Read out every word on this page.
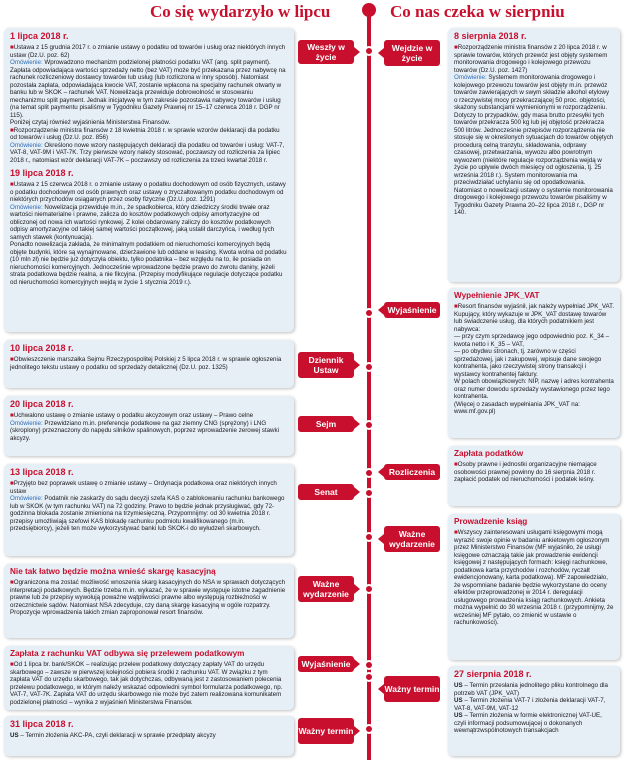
Co się wydarzyło w lipcu	Co nas czeka w sierpniu
1 lipca 2018 r.

■ Ustawa z 15 grudnia 2017 r. o zmianie ustawy o podatku od towarów i usług oraz niektórych innych ustaw (Dz.U. poz. 62)

Omówienie: Wprowadzono mechanizm podzielonej płatności podatku VAT (ang. split payment). Zapłata odpowiadająca wartości sprzedaży netto (bez VAT) może być przekazana przez nabywcę na rachunek rozliczeniowy dostawcy towarów lub usług (lub rozliczona w inny sposób). Natomiast pozostała zapłata, odpowiadająca kwocie VAT, zostanie wpłacona na specjalny rachunek otwarty w banku lub w SKOK – rachunek VAT. Nowelizacja przewiduje dobrowolność w stosowaniu mechanizmu split payment. Jednak inicjatywę w tym zakresie pozostawia nabywcy towarów i usług (na temat split paymentu pisaliśmy w Tygodniku Gazety Prawnej nr 15–17 czerwca 2018 r. DGP nr 115).

Poniżej czytaj również wyjaśnienia Ministerstwa Finansów.

■ Rozporządzenie ministra finansów z 18 kwietnia 2018 r. w sprawie wzorów deklaracji dla podatku od towarów i usług (Dz.U. poz. 856)

Omówienie: Określono nowe wzory następujących deklaracji dla podatku od towarów i usług: VAT-7, VAT-8, VAT-9M i VAT-7K. Trzy pierwsze wzory należy stosować, poczawszy od rozliczenia za lipiec 2018 r., natomiast wzór deklaracji VAT-7K – poczawszy od rozliczenia za trzeci kwartał 2018 r.

19 lipca 2018 r.

■ Ustawa z 15 czerwca 2018 r. o zmianie ustawy o podatku dochodowym od osób fizycznych, ustawy o podatku dochodowym od osób prawnych oraz ustawy o zryczałtowanym podatku dochodowym od niektórych przychodów osiąganych przez osoby fizyczne (Dz.U. poz. 1291)

Omówienie: Nowelizacja przewiduje m.in., że spadkobierca, który dziedziczy środki trwałe oraz wartości niematerialne i prawne, zalicza do kosztów podatkowych odpisy amortyzacyjne od obliczonej od nowa ich wartości rynkowej. Z kolei obdarowany zaliczy do kosztów podatkowych odpisy amortyzacyjne od takiej samej wartości początkowej, jaką ustalił darczyńca, i według tych samych stawek (kontynuacja).

Ponadto nowelizacja zakłada, że minimalnym podatkiem od nieruchomości komercyjnych będą objęte budynki, które są wynajmowane, dzierżawione lub oddane w leasing. Kwota wolna od podatku (10 mln zł) nie będzie już dotyczyła obiektu, tylko podatnika – bez względu na to, ile posiada on nieruchomości komercyjnych. Jednocześnie wprowadzone będzie prawo do zwrotu daniny, jeżeli strata podatkowa będzie realna, a nie fikcyjna. (Przepisy modyfikujące regulacje dotyczące podatku od nieruchomości komercyjnych wejdą w życie 1 stycznia 2019 r.).

Weszły w życie
10 lipca 2018 r.

■ Obwieszczenie marszałka Sejmu Rzeczypospolitej Polskiej z 5 lipca 2018 r. w sprawie ogłoszenia jednolitego tekstu ustawy o podatku od sprzedaży detalicznej (Dz.U. poz. 1325)

Dziennik Ustaw
20 lipca 2018 r.

■ Uchwalono ustawę o zmianie ustawy o podatku akcyzowym oraz ustawy – Prawo celne

Omówienie: Przewidziano m.in. preferencje podatkowe na gaz ziemny CNG (sprężony) i LNG (skroplony) przeznaczony do napędu silników spalinowych, poprzez wprowadzenie zerowej stawki akcyzy.

Sejm
13 lipca 2018 r.

■ Przyjęto bez poprawek ustawę o zmianie ustawy – Ordynacja podatkowa oraz niektórych innych ustaw

Omówienie: Podatnik nie zaskarży do sądu decyzji szefa KAS o zablokowaniu rachunku bankowego lub w SKOK (w tym rachunku VAT) na 72 godziny. Prawo to będzie jednak przysługiwać, gdy 72-godzinna blokada zostanie zmieniona na trzymiesięczną. Przypomnijmy: od 30 kwietnia 2018 r. przepisy umożliwiają szefowi KAS blokadę rachunku podmiotu kwalifikowanego (m.in. przedsiębiorcy), jeżeli ten może wykorzystywać banki lub SKOK-i do wyłudzeń skarbowych.

Senat
Nie tak łatwo będzie można wnieść skargę kasacyjną

■ Ograniczona ma zostać możliwość wnoszenia skarg kasacyjnych do NSA w sprawach dotyczących interpretacji podatkowych. Będzie trzeba m.in. wykazać, że w sprawie występuje istotne zagadnienie prawne lub że przepisy wywołują poważne wątpliwości prawne albo występują rozbieżności w orzecznictwie sądów. Natomiast NSA zdecyduje, czy daną skargę kasacyjną w ogóle rozpatrzy. Propozycje wprowadzenia takich zmian zaproponował resort finansów.

Ważne wydarzenie
Zapłata z rachunku VAT odbywa się przelewem podatkowym

■ Od 1 lipca br. bank/SKOK – realizując przelew podatkowy dotyczący zapłaty VAT do urzędu skarbowego – zawsze w pierwszej kolejności pobiera środki z rachunku VAT. W związku z tym zapłata VAT do urzędu skarbowego, tak jak dotychczas, odbywaną jest z zastosowaniem polecenia przelewu podatkowego, w którym należy wskazać odpowiedni symbol formularza podatkowego, np. VAT-7, VAT-7K. Zapłata VAT do urzędu skarbowego nie może być zatem realizowana komunikatem podzielonej płatności – wynika z wyjaśnień Ministerstwa Finansów.

Wyjaśnienie
31 lipca 2018 r.

US – Termin złożenia AKC-PA, czyli deklaracji w sprawie przedpłaty akcyzy	Ważny termin
Wejdzie w życie
8 sierpnia 2018 r.

■ Rozporządzenie ministra finansów z 20 lipca 2018 r. w sprawie towarów, których przewóz jest objęty systemem monitorowania drogowego i kolejowego przewozu towarów (Dz.U. poz. 1427)

Omówienie: Systemem monitorowania drogowego i kolejowego przewozu towarów jest objęty m.in. przewóz towarów zawierających w swym składzie alkohol etylowy o rzeczywistej mocy przekraczającej 50 proc. objętości, skażony substancjami wymienionymi w rozporządzeniu. Dotyczy to przypadków, gdy masa brutto przesyłki tych towarów przekracza 500 kg lub jej objętość przekracza 500 litrów. Jednocześnie przepisów rozporządzenia nie stosuje się w określonych sytuacjach do towarów objętych procedurą celną tranzytu, składowania, odprawy czasowej, przetwarzania, wywozu albo powrotnym wywozem (niektóre regulacje rozporządzenia wejdą w życie po upływie dwóch miesięcy od ogłoszenia, tj. 25 września 2018 r.). System monitorowania ma przeciwdziałać uchylaniu się od opodatkowania.

Natomiast o nowelizacji ustawy o systemie monitorowania drogowego i kolejowego przewozu towarów pisaliśmy w Tygodniku Gazety Prawna 20–22 lipca 2018 r., DGP nr 140.

Wyjaśnienie
Wypełnienie JPK_VAT

■ Resort finansów wyjaśnił, jak należy wypełniać JPK_VAT. Kupujący, który wykazuje w JPK_VAT dostawę towarów lub świadczenie usług, dla których podatnikiem jest nabywca:

— przy czym sprzedawcę jego odpowiednio poz. K_34 – kwota netto i K_35 – VAT,

— po obydwu stronach, tj. zarówno w części sprzedażowej, jak i zakupowej, wpisuje dane swojego kontrahenta, jako rzeczywistej strony transakcji i wystawcy kontrahentej faktury.

W polach obowiązkowych: NIP, nazwę i adres kontrahenta oraz numer dowodu sprzedaży wystawionego przez tego kontrahenta.

(Więcej o zasadach wypełniania JPK_VAT na: www.mf.gov.pl)

Rozliczenia
Zapłata podatków

■ Osoby prawne i jednostki organizacyjne niemające osobowości prawnej powinny do 16 sierpnia 2018 r. zapłacić podatek od nieruchomości i podatek leśny.

Ważne wydarzenie
Prowadzenie ksiąg

■ Wszyscy zainteresowani usługami księgowymi mogą wyrazić swoje opinie w badaniu ankietowym ogłoszonym przez Ministerstwo Finansów (MF wyjaśniło, że usługi księgowe oznaczają takie jak prowadzenie ewidencji księgowej z następujących formach: księgi rachunkowe, podatkowa karta przychodów i rozchodów, ryczałt ewidencjonowany, karta podatkowa). MF zapowiedziało, że wspomniane badanie będzie wykorzystane do oceny efektów przeprowadzonej w 2014 r. deregulacji usługowego prowadzenia ksiąg rachunkowych. Ankieta można wypełnić do 30 września 2018 r. (przypomnijmy, że wcześniej MF pytało, co zmienić w ustawie o rachunkowości).

Ważny termin
27 sierpnia 2018 r.

US – Termin przesłania jednolitego pliku kontrolnego dla potrzeb VAT (JPK_VAT)

US – Termin złożenia VAT-7 i złożenia deklaracji VAT-7, VAT-8, VAT-9M, VAT-12

US – Termin złożenia w formie elektronicznej VAT-UE, czyli informacji podsumowującej o dokonanych wewnątrzwspólnotowych transakcjach
